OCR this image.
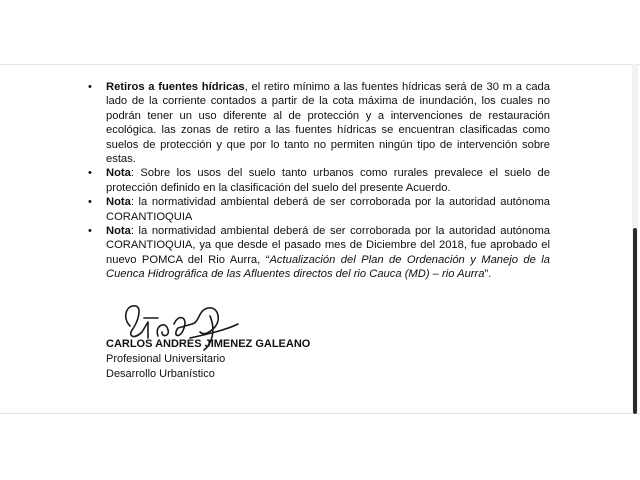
• Retiros a fuentes hídricas, el retiro mínimo a las fuentes hídricas será de 30 m a cada lado de la corriente contados a partir de la cota máxima de inundación, los cuales no podrán tener un uso diferente al de protección y a intervenciones de restauración ecológica. las zonas de retiro a las fuentes hídricas se encuentran clasificadas como suelos de protección y que por lo tanto no permiten ningún tipo de intervención sobre estas.

• Nota: Sobre los usos del suelo tanto urbanos como rurales prevalece el suelo de protección definido en la clasificación del suelo del presente Acuerdo.

• Nota: la normatividad ambiental deberá de ser corroborada por la autoridad autónoma CORANTIOQUIA

• Nota: la normatividad ambiental deberá de ser corroborada por la autoridad autónoma CORANTIOQUIA, ya que desde el pasado mes de Diciembre del 2018, fue aprobado el nuevo POMCA del Rio Aurra, “Actualización del Plan de Ordenación y Manejo de la Cuenca Hidrográfica de las Afluentes directos del rio Cauca (MD) – rio Aurra”.

CARLOS ANDRES JIMENEZ GALEANO
Profesional Universitario
Desarrollo Urbanístico
